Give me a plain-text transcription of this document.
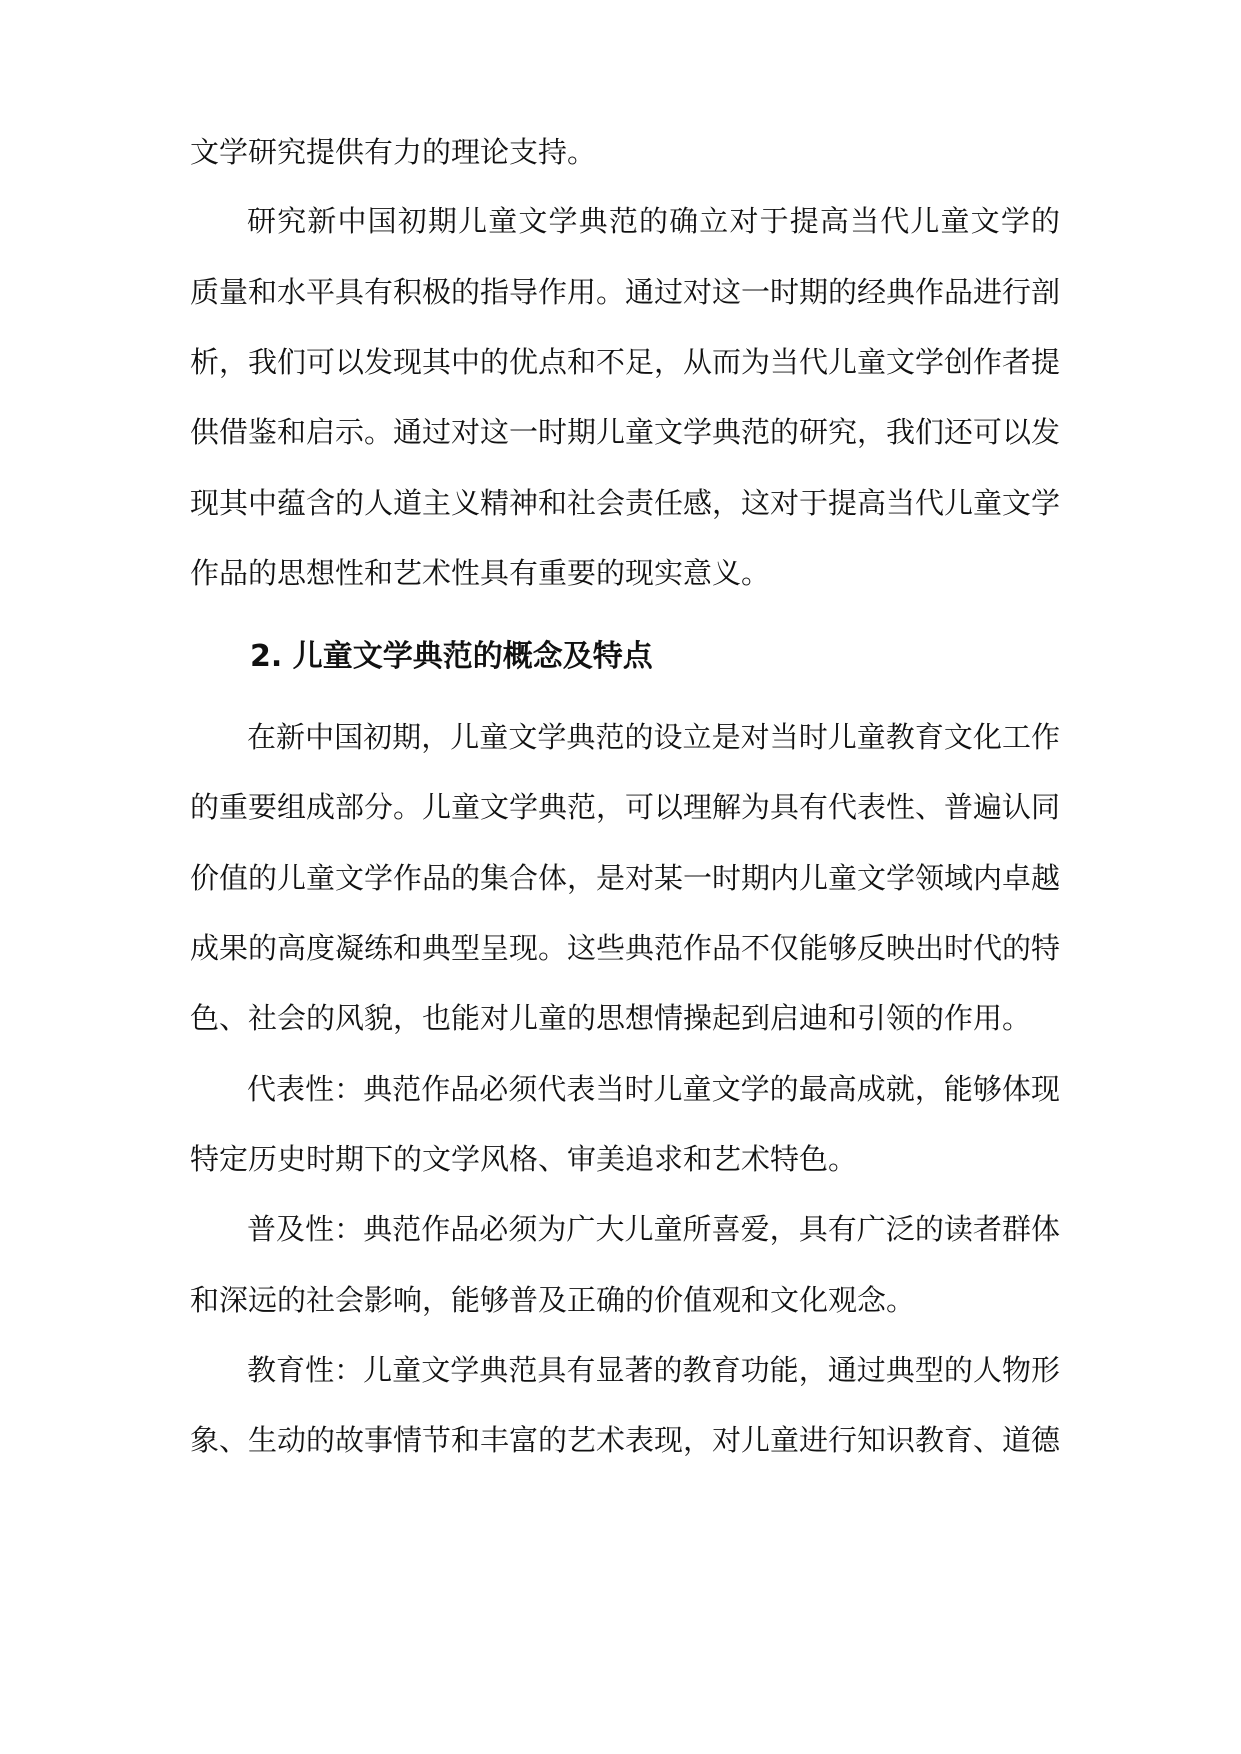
文学研究提供有力的理论支持。
研究新中国初期儿童文学典范的确立对于提高当代儿童文学的
质量和水平具有积极的指导作用。通过对这一时期的经典作品进行剖
析，我们可以发现其中的优点和不足，从而为当代儿童文学创作者提
供借鉴和启示。通过对这一时期儿童文学典范的研究，我们还可以发
现其中蕴含的人道主义精神和社会责任感，这对于提高当代儿童文学
作品的思想性和艺术性具有重要的现实意义。
2. 儿童文学典范的概念及特点
在新中国初期，儿童文学典范的设立是对当时儿童教育文化工作
的重要组成部分。儿童文学典范，可以理解为具有代表性、普遍认同
价值的儿童文学作品的集合体，是对某一时期内儿童文学领域内卓越
成果的高度凝练和典型呈现。这些典范作品不仅能够反映出时代的特
色、社会的风貌，也能对儿童的思想情操起到启迪和引领的作用。
代表性：典范作品必须代表当时儿童文学的最高成就，能够体现
特定历史时期下的文学风格、审美追求和艺术特色。
普及性：典范作品必须为广大儿童所喜爱，具有广泛的读者群体
和深远的社会影响，能够普及正确的价值观和文化观念。
教育性：儿童文学典范具有显著的教育功能，通过典型的人物形
象、生动的故事情节和丰富的艺术表现，对儿童进行知识教育、道德
